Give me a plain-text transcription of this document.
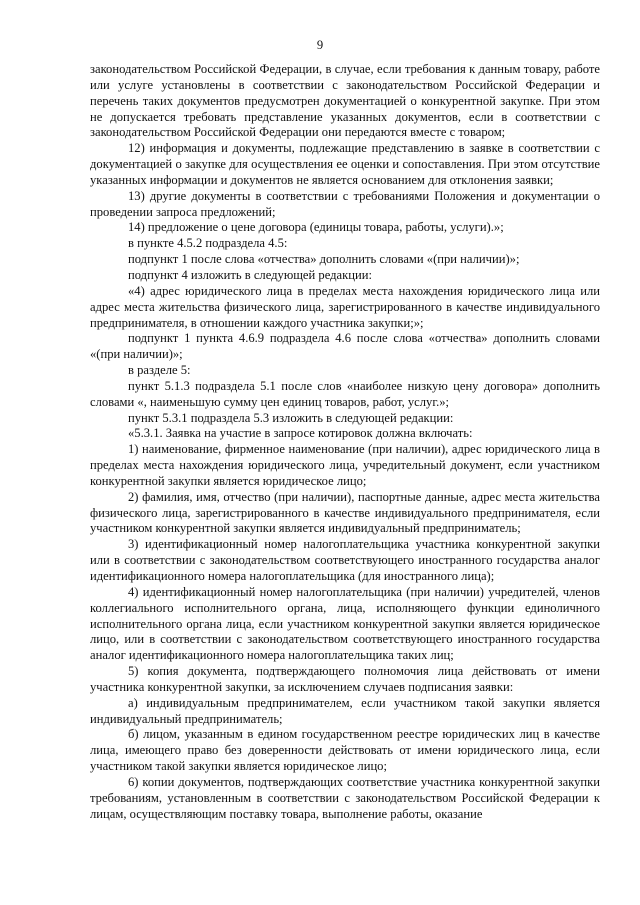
9

законодательством Российской Федерации, в случае, если требования к данным товару, работе или услуге установлены в соответствии с законодательством Российской Федерации и перечень таких документов предусмотрен документацией о конкурентной закупке. При этом не допускается требовать представление указанных документов, если в соответствии с законодательством Российской Федерации они передаются вместе с товаром;

12) информация и документы, подлежащие представлению в заявке в соответствии с документацией о закупке для осуществления ее оценки и сопоставления. При этом отсутствие указанных информации и документов не является основанием для отклонения заявки;

13) другие документы в соответствии с требованиями Положения и документации о проведении запроса предложений;

14) предложение о цене договора (единицы товара, работы, услуги).»;

в пункте 4.5.2 подраздела 4.5:

подпункт 1 после слова «отчества» дополнить словами «(при наличии)»;

подпункт 4 изложить в следующей редакции:

«4) адрес юридического лица в пределах места нахождения юридического лица или адрес места жительства физического лица, зарегистрированного в качестве индивидуального предпринимателя, в отношении каждого участника закупки;»;

подпункт 1 пункта 4.6.9 подраздела 4.6 после слова «отчества» дополнить словами «(при наличии)»;

в разделе 5:

пункт 5.1.3 подраздела 5.1 после слов «наиболее низкую цену договора» дополнить словами «, наименьшую сумму цен единиц товаров, работ, услуг.»;

пункт 5.3.1 подраздела 5.3 изложить в следующей редакции:

«5.3.1. Заявка на участие в запросе котировок должна включать:

1) наименование, фирменное наименование (при наличии), адрес юридического лица в пределах места нахождения юридического лица, учредительный документ, если участником конкурентной закупки является юридическое лицо;

2) фамилия, имя, отчество (при наличии), паспортные данные, адрес места жительства физического лица, зарегистрированного в качестве индивидуального предпринимателя, если участником конкурентной закупки является индивидуальный предприниматель;

3) идентификационный номер налогоплательщика участника конкурентной закупки или в соответствии с законодательством соответствующего иностранного государства аналог идентификационного номера налогоплательщика (для иностранного лица);

4) идентификационный номер налогоплательщика (при наличии) учредителей, членов коллегиального исполнительного органа, лица, исполняющего функции единоличного исполнительного органа лица, если участником конкурентной закупки является юридическое лицо, или в соответствии с законодательством соответствующего иностранного государства аналог идентификационного номера налогоплательщика таких лиц;

5) копия документа, подтверждающего полномочия лица действовать от имени участника конкурентной закупки, за исключением случаев подписания заявки:

а) индивидуальным предпринимателем, если участником такой закупки является индивидуальный предприниматель;

б) лицом, указанным в едином государственном реестре юридических лиц в качестве лица, имеющего право без доверенности действовать от имени юридического лица, если участником такой закупки является юридическое лицо;

6) копии документов, подтверждающих соответствие участника конкурентной закупки требованиям, установленным в соответствии с законодательством Российской Федерации к лицам, осуществляющим поставку товара, выполнение работы, оказание
